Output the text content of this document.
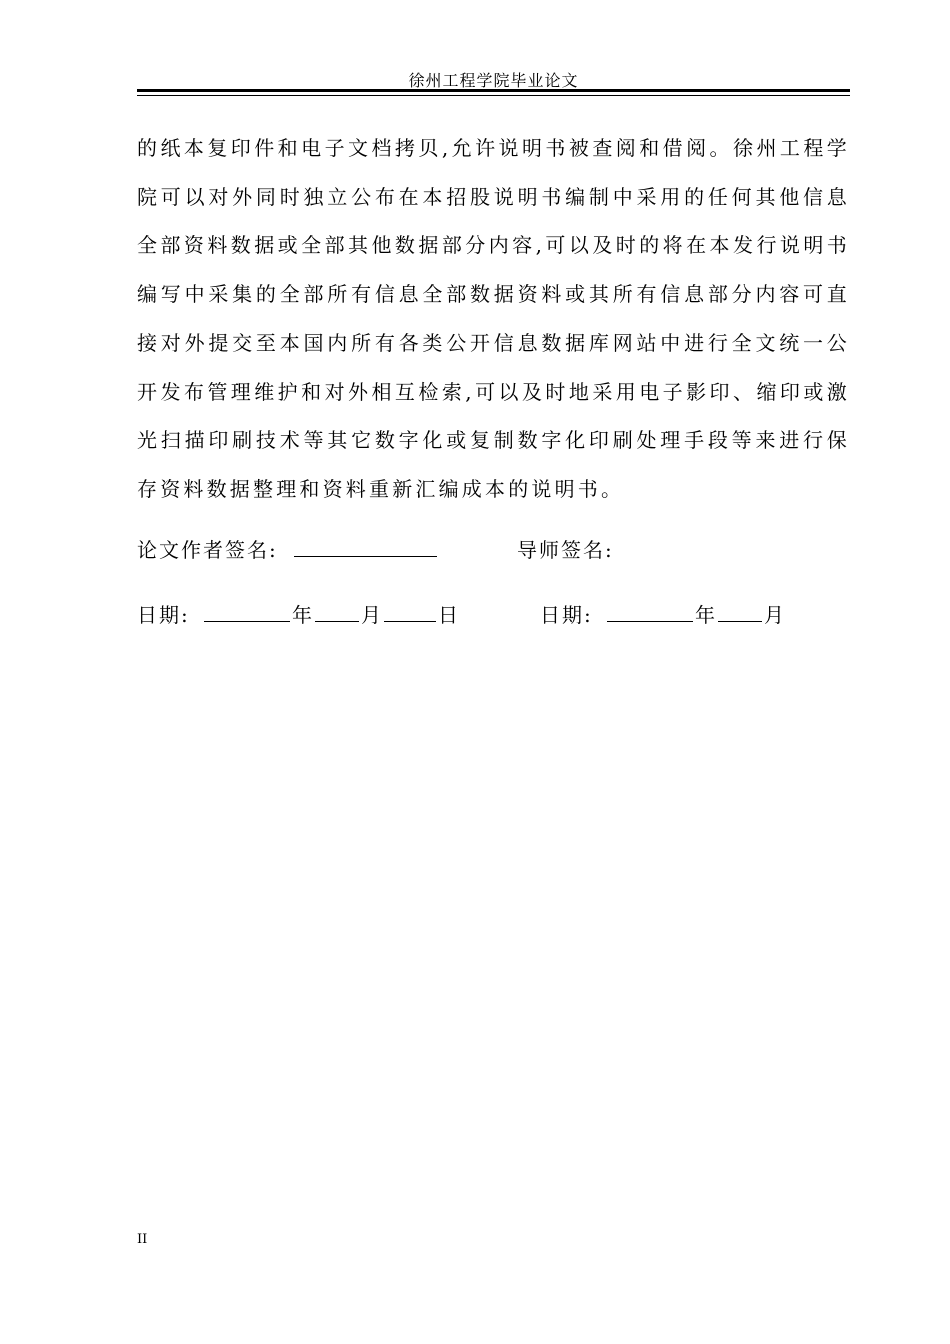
徐州工程学院毕业论文

的纸本复印件和电子文档拷贝,允许说明书被查阅和借阅。徐州工程学院可以对外同时独立公布在本招股说明书编制中采用的任何其他信息全部资料数据或全部其他数据部分内容,可以及时的将在本发行说明书编写中采集的全部所有信息全部数据资料或其所有信息部分内容可直接对外提交至本国内所有各类公开信息数据库网站中进行全文统一公开发布管理维护和对外相互检索,可以及时地采用电子影印、缩印或激光扫描印刷技术等其它数字化或复制数字化印刷处理手段等来进行保存资料数据整理和资料重新汇编成本的说明书。

论文作者签名:	导师签名:
日期:	年 月	日	日期:	年 月
II
